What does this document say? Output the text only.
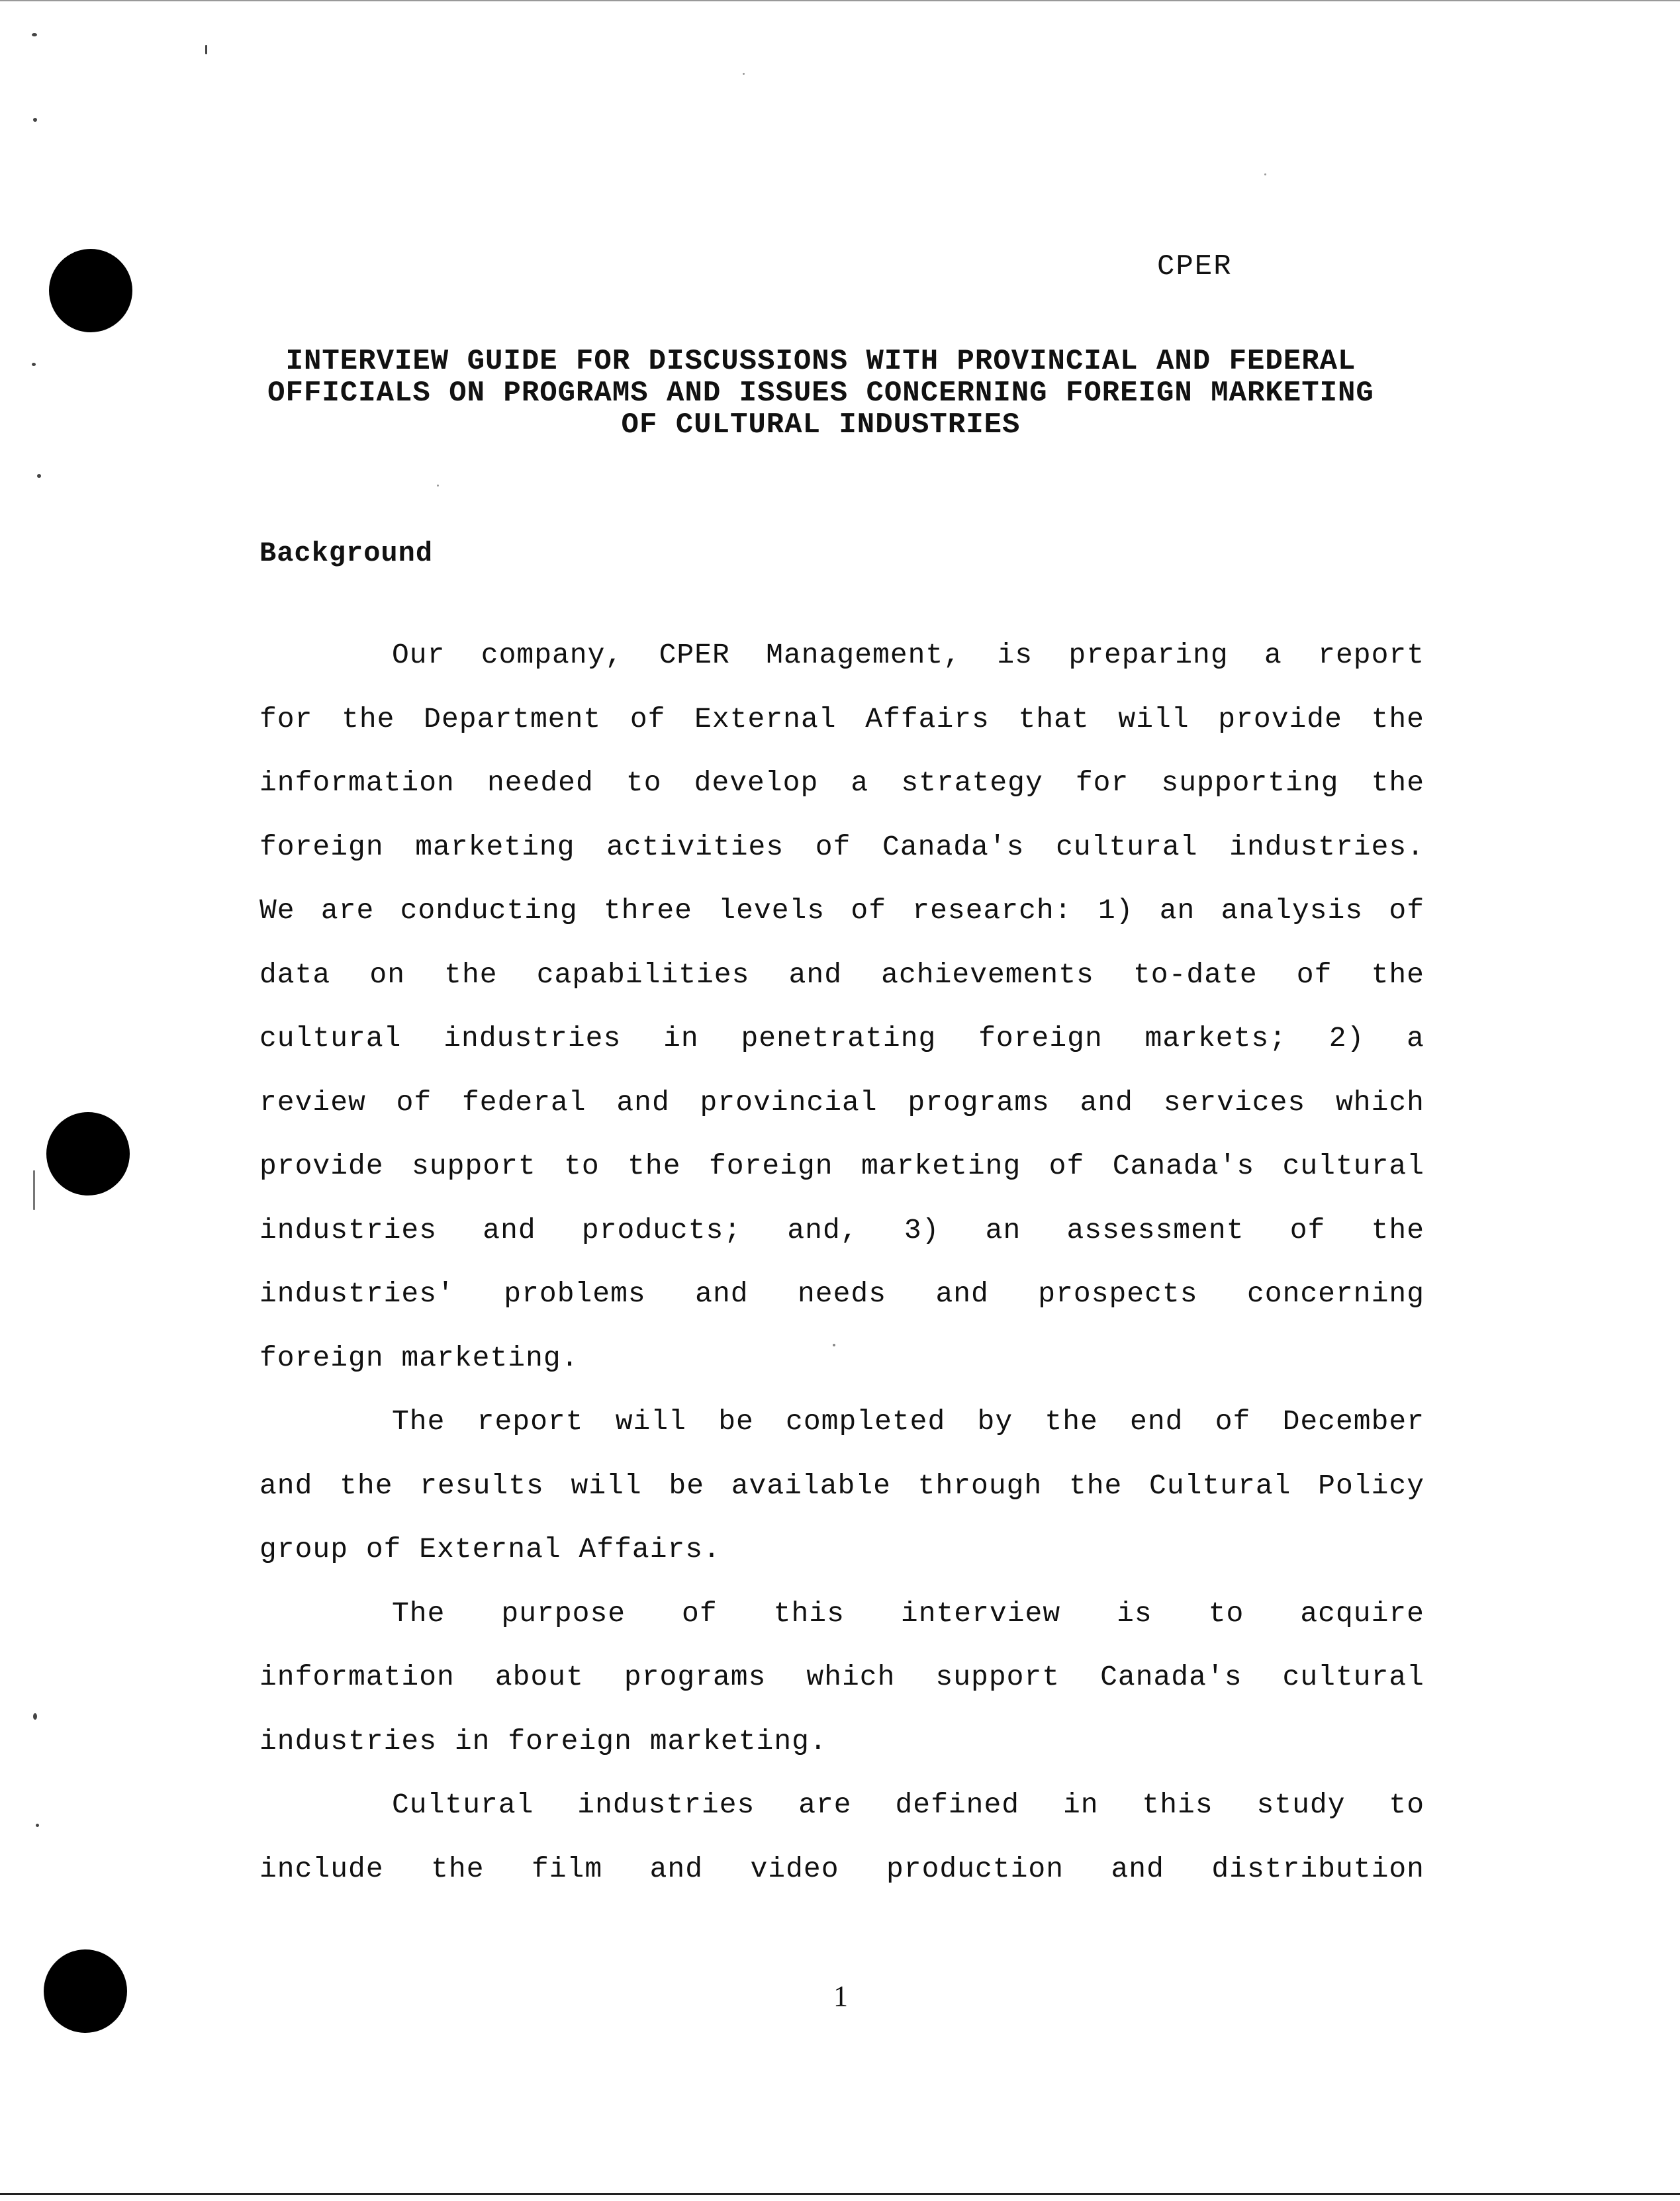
CPER
INTERVIEW GUIDE FOR DISCUSSIONS WITH PROVINCIAL AND FEDERAL
OFFICIALS ON PROGRAMS AND ISSUES CONCERNING FOREIGN MARKETING
OF CULTURAL INDUSTRIES
Background
Our company, CPER Management, is preparing a report
for the Department of External Affairs that will provide the
information needed to develop a strategy for supporting the
foreign marketing activities of Canada's cultural industries.
We are conducting three levels of research: 1) an analysis of
data on the capabilities and achievements to-date of the
cultural industries in penetrating foreign markets; 2) a
review of federal and provincial programs and services which
provide support to the foreign marketing of Canada's cultural
industries and products; and, 3) an assessment of the
industries' problems and needs and prospects concerning
foreign marketing.
The report will be completed by the end of December
and the results will be available through the Cultural Policy
group of External Affairs.
The purpose of this interview is to acquire
information about programs which support Canada's cultural
industries in foreign marketing.
Cultural industries are defined in this study to
include the film and video production and distribution
1
